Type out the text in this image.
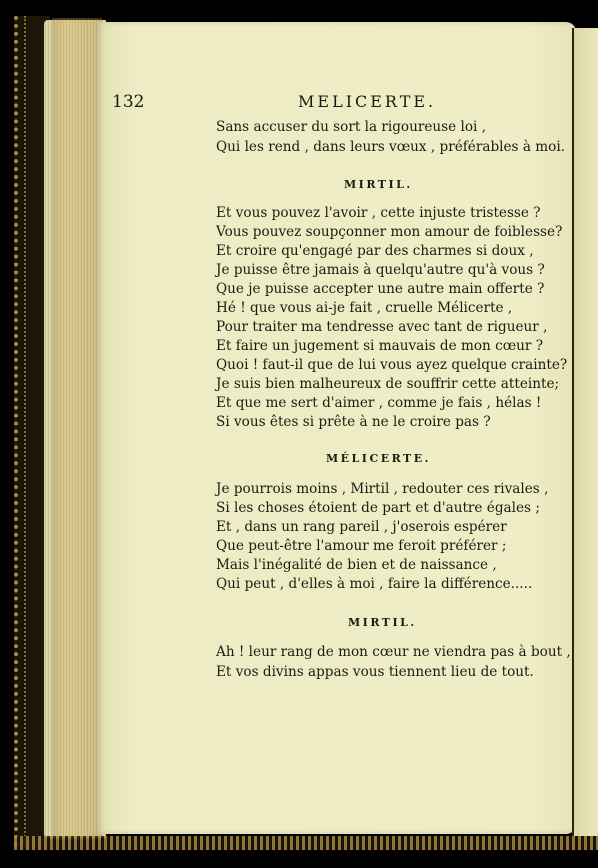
132	MELICERTE.
Sans accuser du sort la rigoureuse loi ,
Qui les rend , dans leurs vœux , préférables à moi.
MIRTIL.
Et vous pouvez l'avoir , cette injuste tristesse ?
Vous pouvez soupçonner mon amour de foiblesse?
Et croire qu'engagé par des charmes si doux ,
Je puisse être jamais à quelqu'autre qu'à vous ?
Que je puisse accepter une autre main offerte ?
Hé ! que vous ai-je fait , cruelle Mélicerte ,
Pour traiter ma tendresse avec tant de rigueur ,
Et faire un jugement si mauvais de mon cœur ?
Quoi ! faut-il que de lui vous ayez quelque crainte?
Je suis bien malheureux de souffrir cette atteinte;
Et que me sert d'aimer , comme je fais , hélas !
Si vous êtes si prête à ne le croire pas ?
MÉLICERTE.
Je pourrois moins , Mirtil , redouter ces rivales ,
Si les choses étoient de part et d'autre égales ;
Et , dans un rang pareil , j'oserois espérer
Que peut-être l'amour me feroit préférer ;
Mais l'inégalité de bien et de naissance ,
Qui peut , d'elles à moi , faire la différence.....
MIRTIL.
Ah ! leur rang de mon cœur ne viendra pas à bout ,
Et vos divins appas vous tiennent lieu de tout.
